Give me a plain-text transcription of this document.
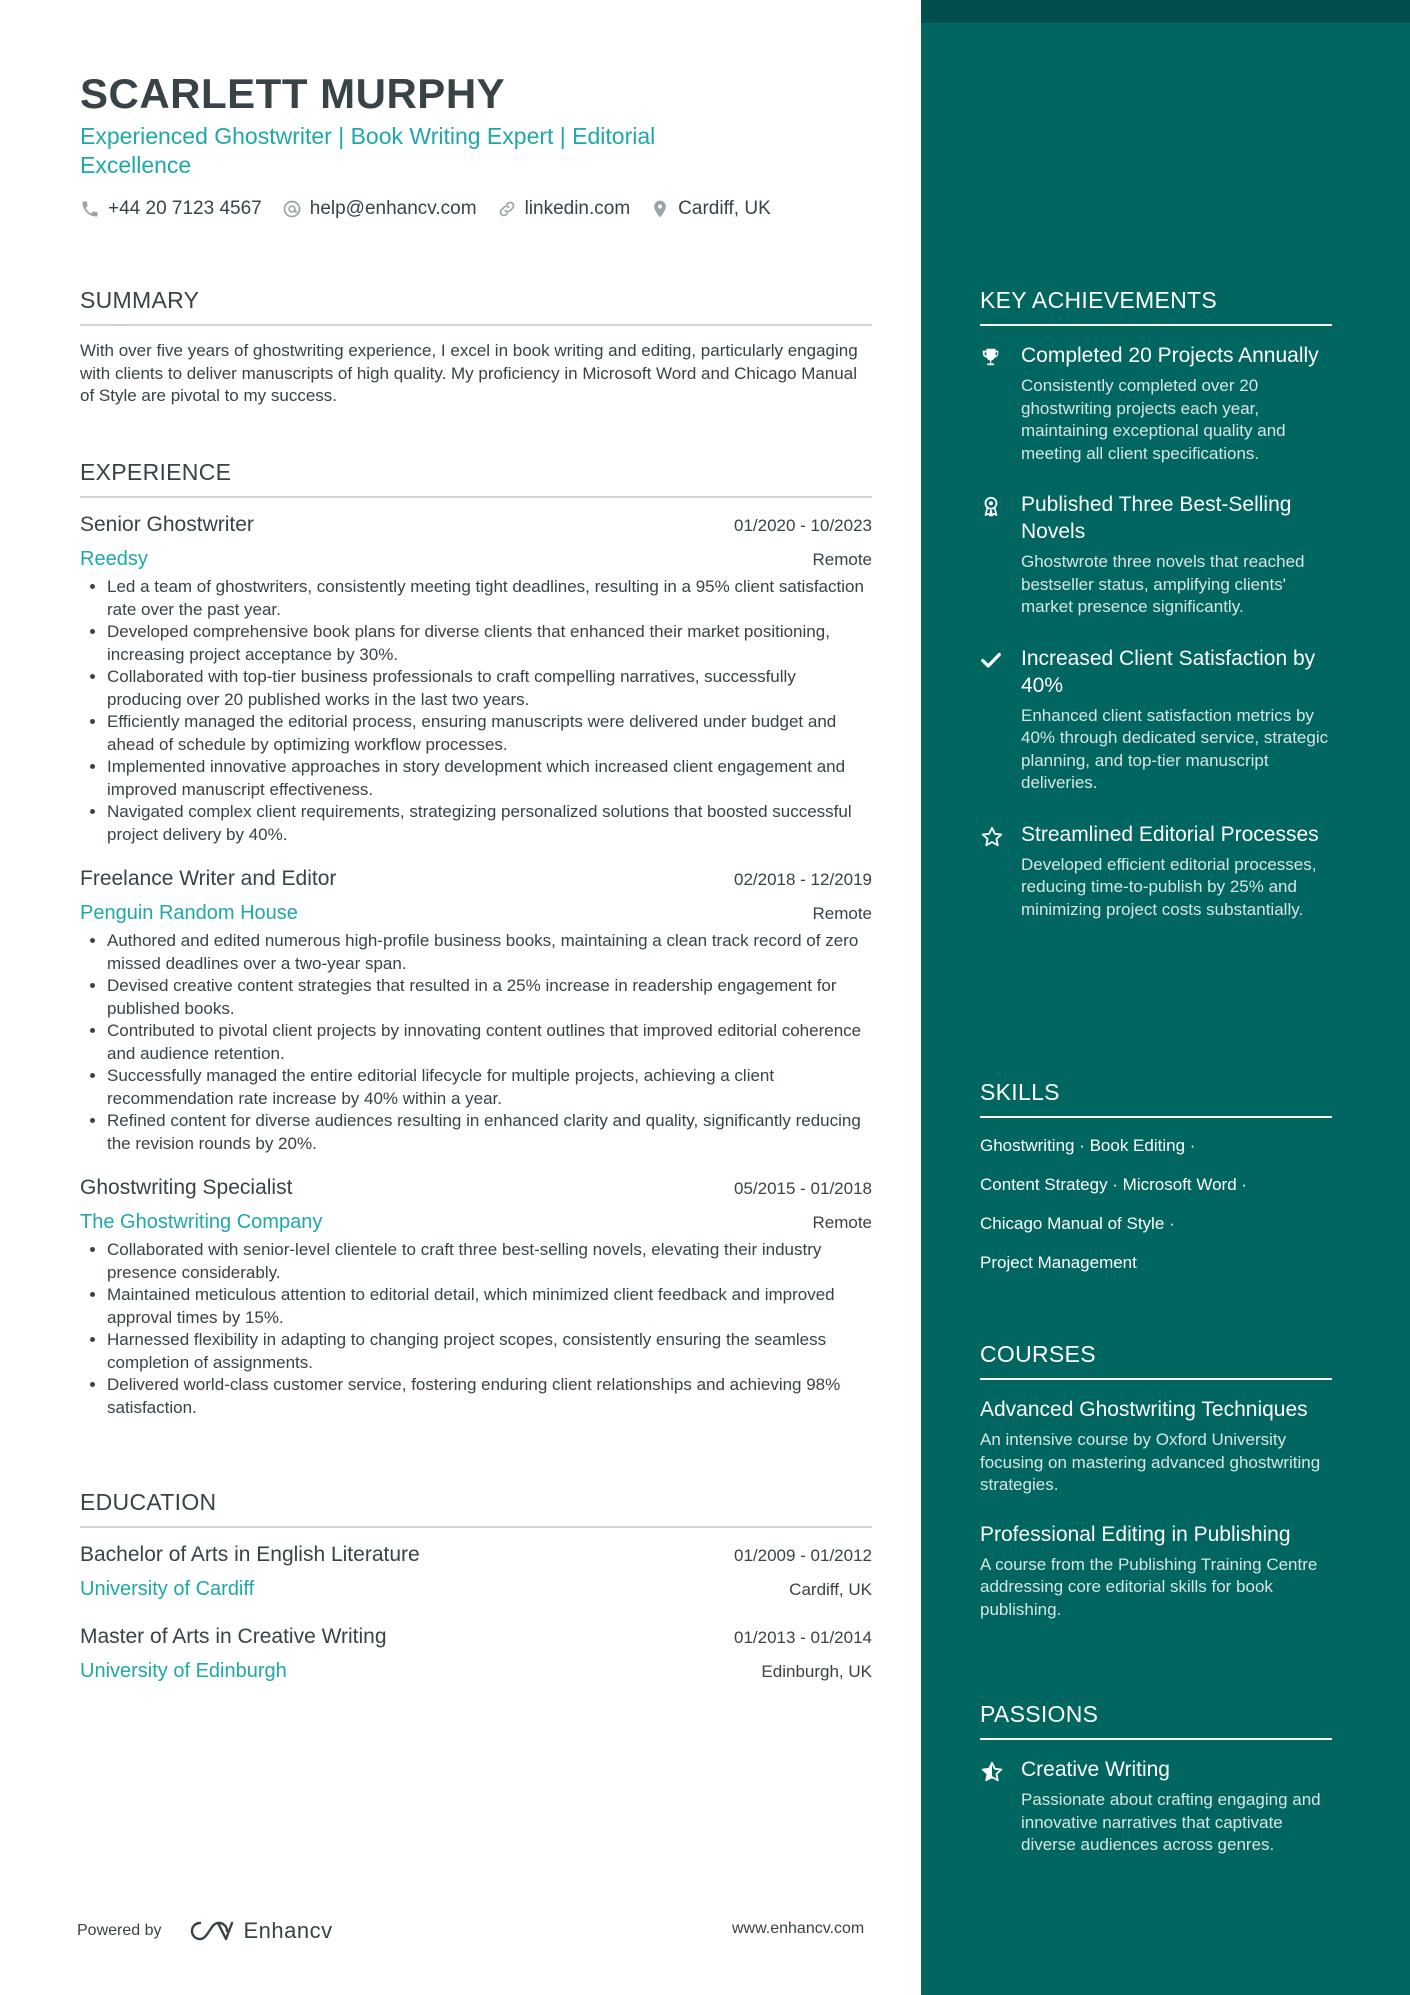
SCARLETT MURPHY
Experienced Ghostwriter | Book Writing Expert | Editorial Excellence
+44 20 7123 4567	help@enhancv.com	linkedin.com	Cardiff, UK
SUMMARY
With over five years of ghostwriting experience, I excel in book writing and editing, particularly engaging with clients to deliver manuscripts of high quality. My proficiency in Microsoft Word and Chicago Manual of Style are pivotal to my success.
EXPERIENCE
Senior Ghostwriter	01/2020 - 10/2023
Reedsy	Remote
• Led a team of ghostwriters, consistently meeting tight deadlines, resulting in a 95% client satisfaction rate over the past year.
• Developed comprehensive book plans for diverse clients that enhanced their market positioning, increasing project acceptance by 30%.
• Collaborated with top-tier business professionals to craft compelling narratives, successfully producing over 20 published works in the last two years.
• Efficiently managed the editorial process, ensuring manuscripts were delivered under budget and ahead of schedule by optimizing workflow processes.
• Implemented innovative approaches in story development which increased client engagement and improved manuscript effectiveness.
• Navigated complex client requirements, strategizing personalized solutions that boosted successful project delivery by 40%.
Freelance Writer and Editor	02/2018 - 12/2019
Penguin Random House	Remote
• Authored and edited numerous high-profile business books, maintaining a clean track record of zero missed deadlines over a two-year span.
• Devised creative content strategies that resulted in a 25% increase in readership engagement for published books.
• Contributed to pivotal client projects by innovating content outlines that improved editorial coherence and audience retention.
• Successfully managed the entire editorial lifecycle for multiple projects, achieving a client recommendation rate increase by 40% within a year.
• Refined content for diverse audiences resulting in enhanced clarity and quality, significantly reducing the revision rounds by 20%.
Ghostwriting Specialist	05/2015 - 01/2018
The Ghostwriting Company	Remote
• Collaborated with senior-level clientele to craft three best-selling novels, elevating their industry presence considerably.
• Maintained meticulous attention to editorial detail, which minimized client feedback and improved approval times by 15%.
• Harnessed flexibility in adapting to changing project scopes, consistently ensuring the seamless completion of assignments.
• Delivered world-class customer service, fostering enduring client relationships and achieving 98% satisfaction.
EDUCATION
Bachelor of Arts in English Literature	01/2009 - 01/2012
University of Cardiff	Cardiff, UK
Master of Arts in Creative Writing	01/2013 - 01/2014
University of Edinburgh	Edinburgh, UK
Powered by	Enhancv	www.enhancv.com
KEY ACHIEVEMENTS
Completed 20 Projects Annually
Consistently completed over 20 ghostwriting projects each year, maintaining exceptional quality and meeting all client specifications.
Published Three Best-Selling Novels
Ghostwrote three novels that reached bestseller status, amplifying clients' market presence significantly.
Increased Client Satisfaction by 40%
Enhanced client satisfaction metrics by 40% through dedicated service, strategic planning, and top-tier manuscript deliveries.
Streamlined Editorial Processes
Developed efficient editorial processes, reducing time-to-publish by 25% and minimizing project costs substantially.
SKILLS
Ghostwriting · Book Editing ·
Content Strategy · Microsoft Word ·
Chicago Manual of Style ·
Project Management
COURSES
Advanced Ghostwriting Techniques
An intensive course by Oxford University focusing on mastering advanced ghostwriting strategies.
Professional Editing in Publishing
A course from the Publishing Training Centre addressing core editorial skills for book publishing.
PASSIONS
Creative Writing
Passionate about crafting engaging and innovative narratives that captivate diverse audiences across genres.
